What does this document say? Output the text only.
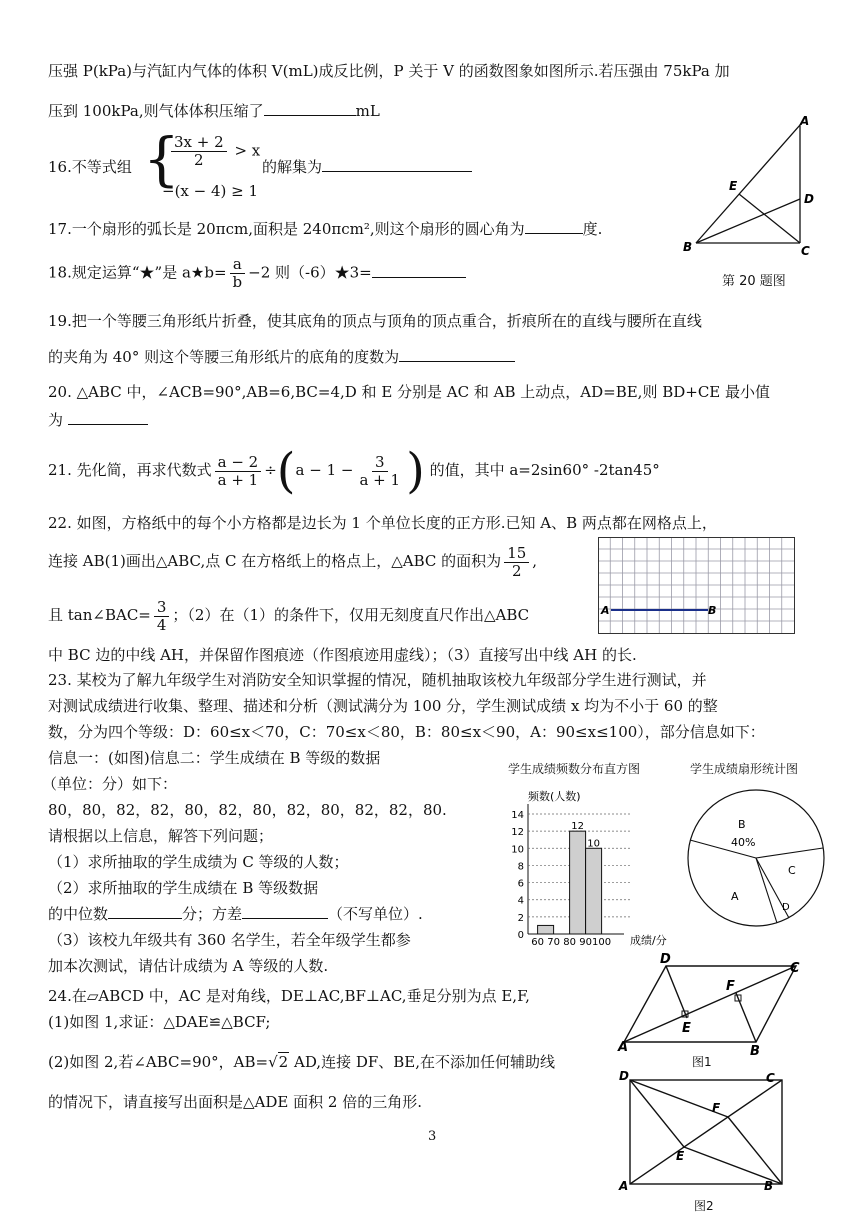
压强 P(kPa)与汽缸内气体的体积 V(mL)成反比例，P 关于 V 的函数图象如图所示.若压强由 75kPa 加
压到 100kPa,则气体体积压缩了	mL
16.不等式组 {
$\frac{3x + 2}{2} > x$
−(x − 4) ≥ 1
的解集为
17.一个扇形的弧长是 20πcm,面积是 240πcm²,则这个扇形的圆心角为	度.
18.规定运算“★”是 a★b= $\frac{a}{b} -2$ 则（-6）★3=
A
E
D
B	C
第 20 题图
19.把一个等腰三角形纸片折叠，使其底角的顶点与顶角的顶点重合，折痕所在的直线与腰所在直线
的夹角为 40° 则这个等腰三角形纸片的底角的度数为
20. △ABC 中，∠ACB=90°,AB=6,BC=4,D 和 E 分别是 AC 和 AB 上动点，AD=BE,则 BD+CE 最小值
为
21. 先化简，再求代数式 $\frac{a - 2}{a + 1} \div(a - 1 - \frac{3}{a + 1}$ ) 的值，其中 a=2sin60° -2tan45°
22. 如图，方格纸中的每个小方格都是边长为 1 个单位长度的正方形.已知 A、B 两点都在网格点上，
连接 AB(1)画出△ABC,点 C 在方格纸上的格点上，△ABC 的面积为 $\frac{15}{2}$ ,
且 tan∠BAC= $\frac{3}{4}$ ；（2）在（1）的条件下，仅用无刻度直尺作出△ABC
中 BC 边的中线 AH，并保留作图痕迹（作图痕迹用虚线）；（3）直接写出中线 AH 的长.
A	B
23. 某校为了解九年级学生对消防安全知识掌握的情况，随机抽取该校九年级部分学生进行测试，并
对测试成绩进行收集、整理、描述和分析（测试满分为 100 分，学生测试成绩 x 均为不小于 60 的整
数，分为四个等级：D：60≤x＜70，C：70≤x＜80，B：80≤x＜90，A：90≤x≤100），部分信息如下：
信息一：(如图)信息二：学生成绩在 B 等级的数据
（单位：分）如下：
80，80，82，82，80，82，80，82，80，82，82，80.
请根据以上信息，解答下列问题；
（1）求所抽取的学生成绩为 C 等级的人数；
（2）求所抽取的学生成绩在 B 等级数据
的中位数	分；方差	（不写单位）.
（3）该校九年级共有 360 名学生，若全年级学生都参
加本次测试，请估计成绩为 A 等级的人数.
学生成绩频数分布直方图
0
2
4
6
8
10
12
14
60 70 80 90 100
12
10
频数(人数)
成绩/分
学生成绩扇形统计图
B
40%
C
D
A
24.在▱ABCD 中，AC 是对角线，DE⊥AC,BF⊥AC,垂足分别为点 E,F,
(1)如图 1,求证：△DAE≌△BCF;
(2)如图 2,若∠ABC=90°，AB=√2 AD,连接 DF、BE,在不添加任何辅助线
的情况下，请直接写出面积是△ADE 面积 2 倍的三角形.
D
C
F
E
A	B
图1
D	C
F
E
A	B
图2
3
